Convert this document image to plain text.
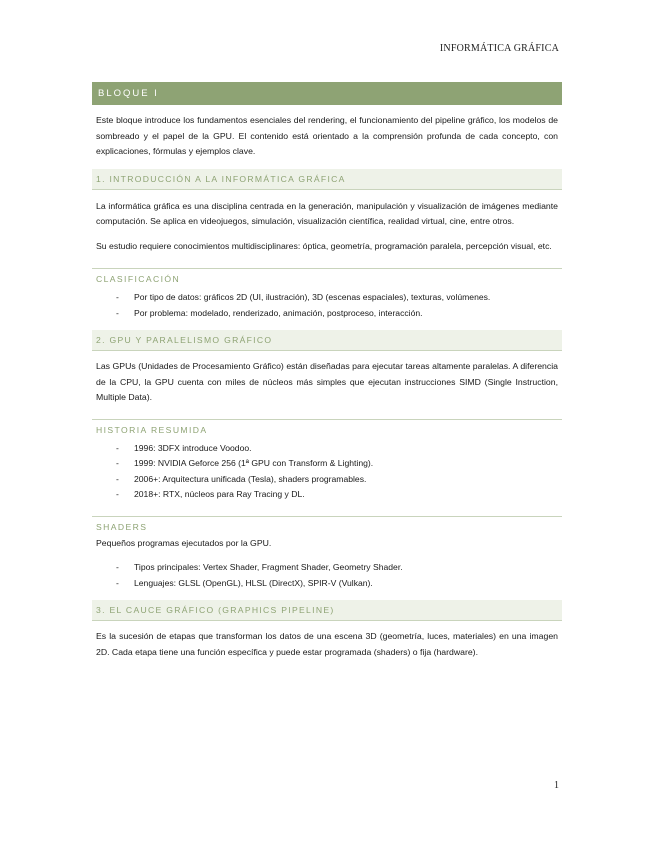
INFORMÁTICA GRÁFICA
BLOQUE I

Este bloque introduce los fundamentos esenciales del rendering, el funcionamiento del pipeline gráfico, los modelos de sombreado y el papel de la GPU. El contenido está orientado a la comprensión profunda de cada concepto, con explicaciones, fórmulas y ejemplos clave.

1. INTRODUCCIÓN A LA INFORMÁTICA GRÁFICA

La informática gráfica es una disciplina centrada en la generación, manipulación y visualización de imágenes mediante computación. Se aplica en videojuegos, simulación, visualización científica, realidad virtual, cine, entre otros.

Su estudio requiere conocimientos multidisciplinares: óptica, geometría, programación paralela, percepción visual, etc.

CLASIFICACIÓN
- Por tipo de datos: gráficos 2D (UI, ilustración), 3D (escenas espaciales), texturas, volúmenes.
- Por problema: modelado, renderizado, animación, postproceso, interacción.
2. GPU Y PARALELISMO GRÁFICO

Las GPUs (Unidades de Procesamiento Gráfico) están diseñadas para ejecutar tareas altamente paralelas. A diferencia de la CPU, la GPU cuenta con miles de núcleos más simples que ejecutan instrucciones SIMD (Single Instruction, Multiple Data).

HISTORIA RESUMIDA
- 1996: 3DFX introduce Voodoo.
- 1999: NVIDIA Geforce 256 (1ª GPU con Transform & Lighting).
- 2006+: Arquitectura unificada (Tesla), shaders programables.
- 2018+: RTX, núcleos para Ray Tracing y DL.
SHADERS

Pequeños programas ejecutados por la GPU.

- Tipos principales: Vertex Shader, Fragment Shader, Geometry Shader.
- Lenguajes: GLSL (OpenGL), HLSL (DirectX), SPIR-V (Vulkan).
3. EL CAUCE GRÁFICO (GRAPHICS PIPELINE)

Es la sucesión de etapas que transforman los datos de una escena 3D (geometría, luces, materiales) en una imagen 2D. Cada etapa tiene una función específica y puede estar programada (shaders) o fija (hardware).

1
